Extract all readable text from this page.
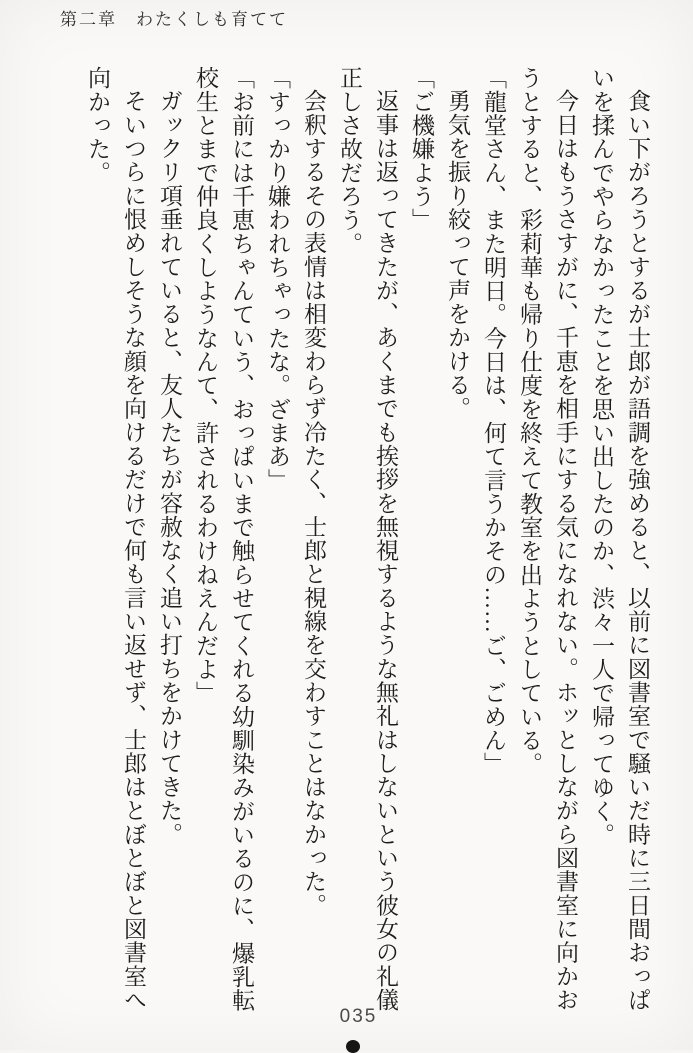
第二章　わたくしも育てて

食い下がろうとするが士郎が語調を強めると、以前に図書室で騒いだ時に三日間おっぱいを揉んでやらなかったことを思い出したのか、渋々一人で帰ってゆく。

今日はもうさすがに、千恵を相手にする気になれない。ホッとしながら図書室に向かおうとすると、彩莉華も帰り仕度を終えて教室を出ようとしている。

「龍堂さん、また明日。今日は、何て言うかその……ご、ごめん」

勇気を振り絞って声をかける。

「ご機嫌よう」

返事は返ってきたが、あくまでも挨拶を無視するような無礼はしないという彼女の礼儀正しさ故だろう。

会釈するその表情は相変わらず冷たく、士郎と視線を交わすことはなかった。

「すっかり嫌われちゃったな。ざまあ」

「お前には千恵ちゃんていう、おっぱいまで触らせてくれる幼馴染みがいるのに、爆乳転校生とまで仲良くしようなんて、許されるわけねえんだよ」

ガックリ項垂れていると、友人たちが容赦なく追い打ちをかけてきた。

そいつらに恨めしそうな顔を向けるだけで何も言い返せず、士郎はとぼとぼと図書室へ向かった。

035
